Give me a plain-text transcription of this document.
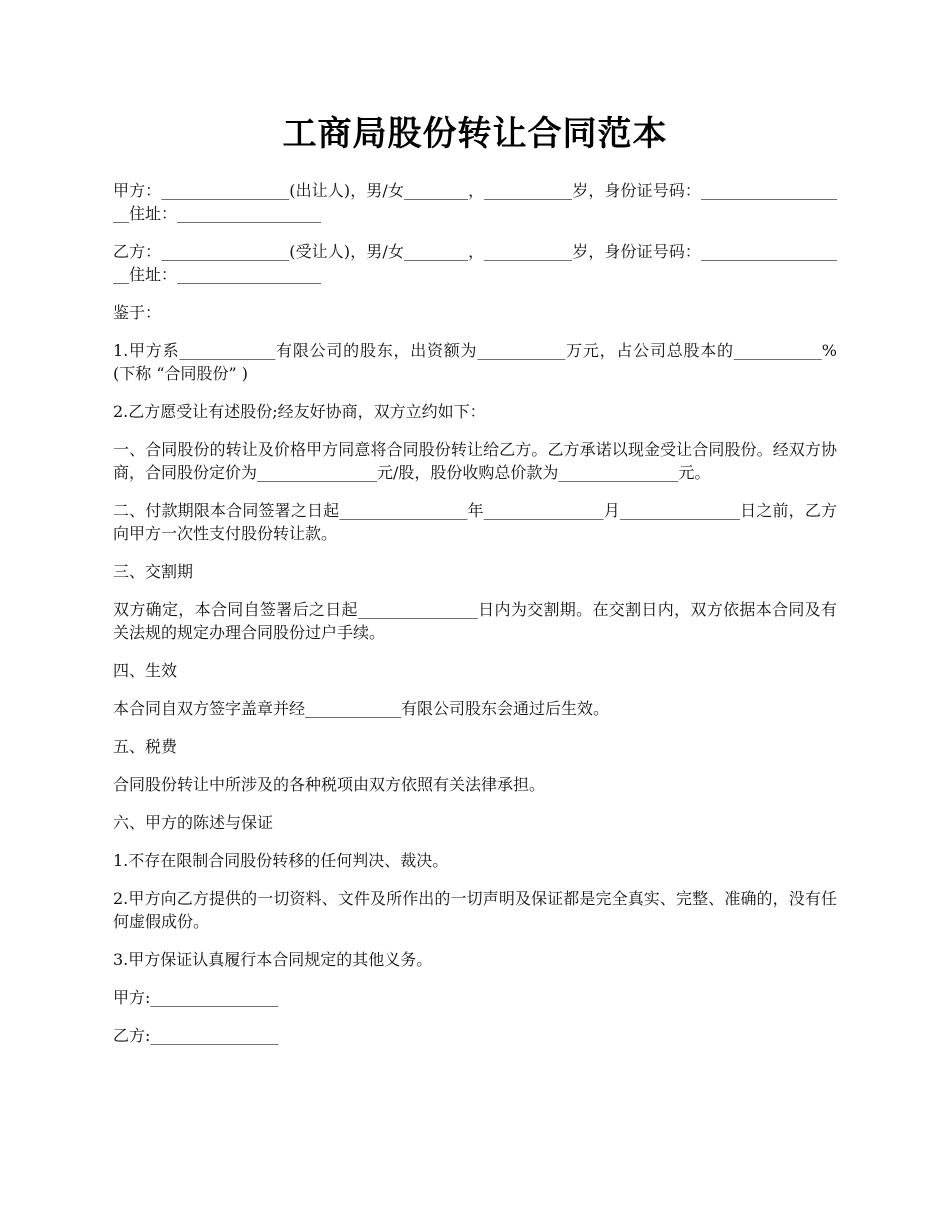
工商局股份转让合同范本

甲方：________________(出让人)，男/女________，___________岁，身份证号码：___________________住址：__________________

乙方：________________(受让人)，男/女________，___________岁，身份证号码：___________________住址：__________________

鉴于：

1.甲方系____________有限公司的股东，出资额为___________万元，占公司总股本的___________%(下称 “合同股份” )

2.乙方愿受让有述股份;经友好协商，双方立约如下：

一、合同股份的转让及价格甲方同意将合同股份转让给乙方。乙方承诺以现金受让合同股份。经双方协商，合同股份定价为_______________元/股，股份收购总价款为_______________元。

二、付款期限本合同签署之日起________________年_______________月_______________日之前，乙方向甲方一次性支付股份转让款。

三、交割期

双方确定，本合同自签署后之日起_______________日内为交割期。在交割日内，双方依据本合同及有关法规的规定办理合同股份过户手续。

四、生效

本合同自双方签字盖章并经____________有限公司股东会通过后生效。

五、税费

合同股份转让中所涉及的各种税项由双方依照有关法律承担。

六、甲方的陈述与保证

1.不存在限制合同股份转移的任何判决、裁决。

2.甲方向乙方提供的一切资料、文件及所作出的一切声明及保证都是完全真实、完整、准确的，没有任何虚假成份。

3.甲方保证认真履行本合同规定的其他义务。

甲方:________________

乙方:________________
